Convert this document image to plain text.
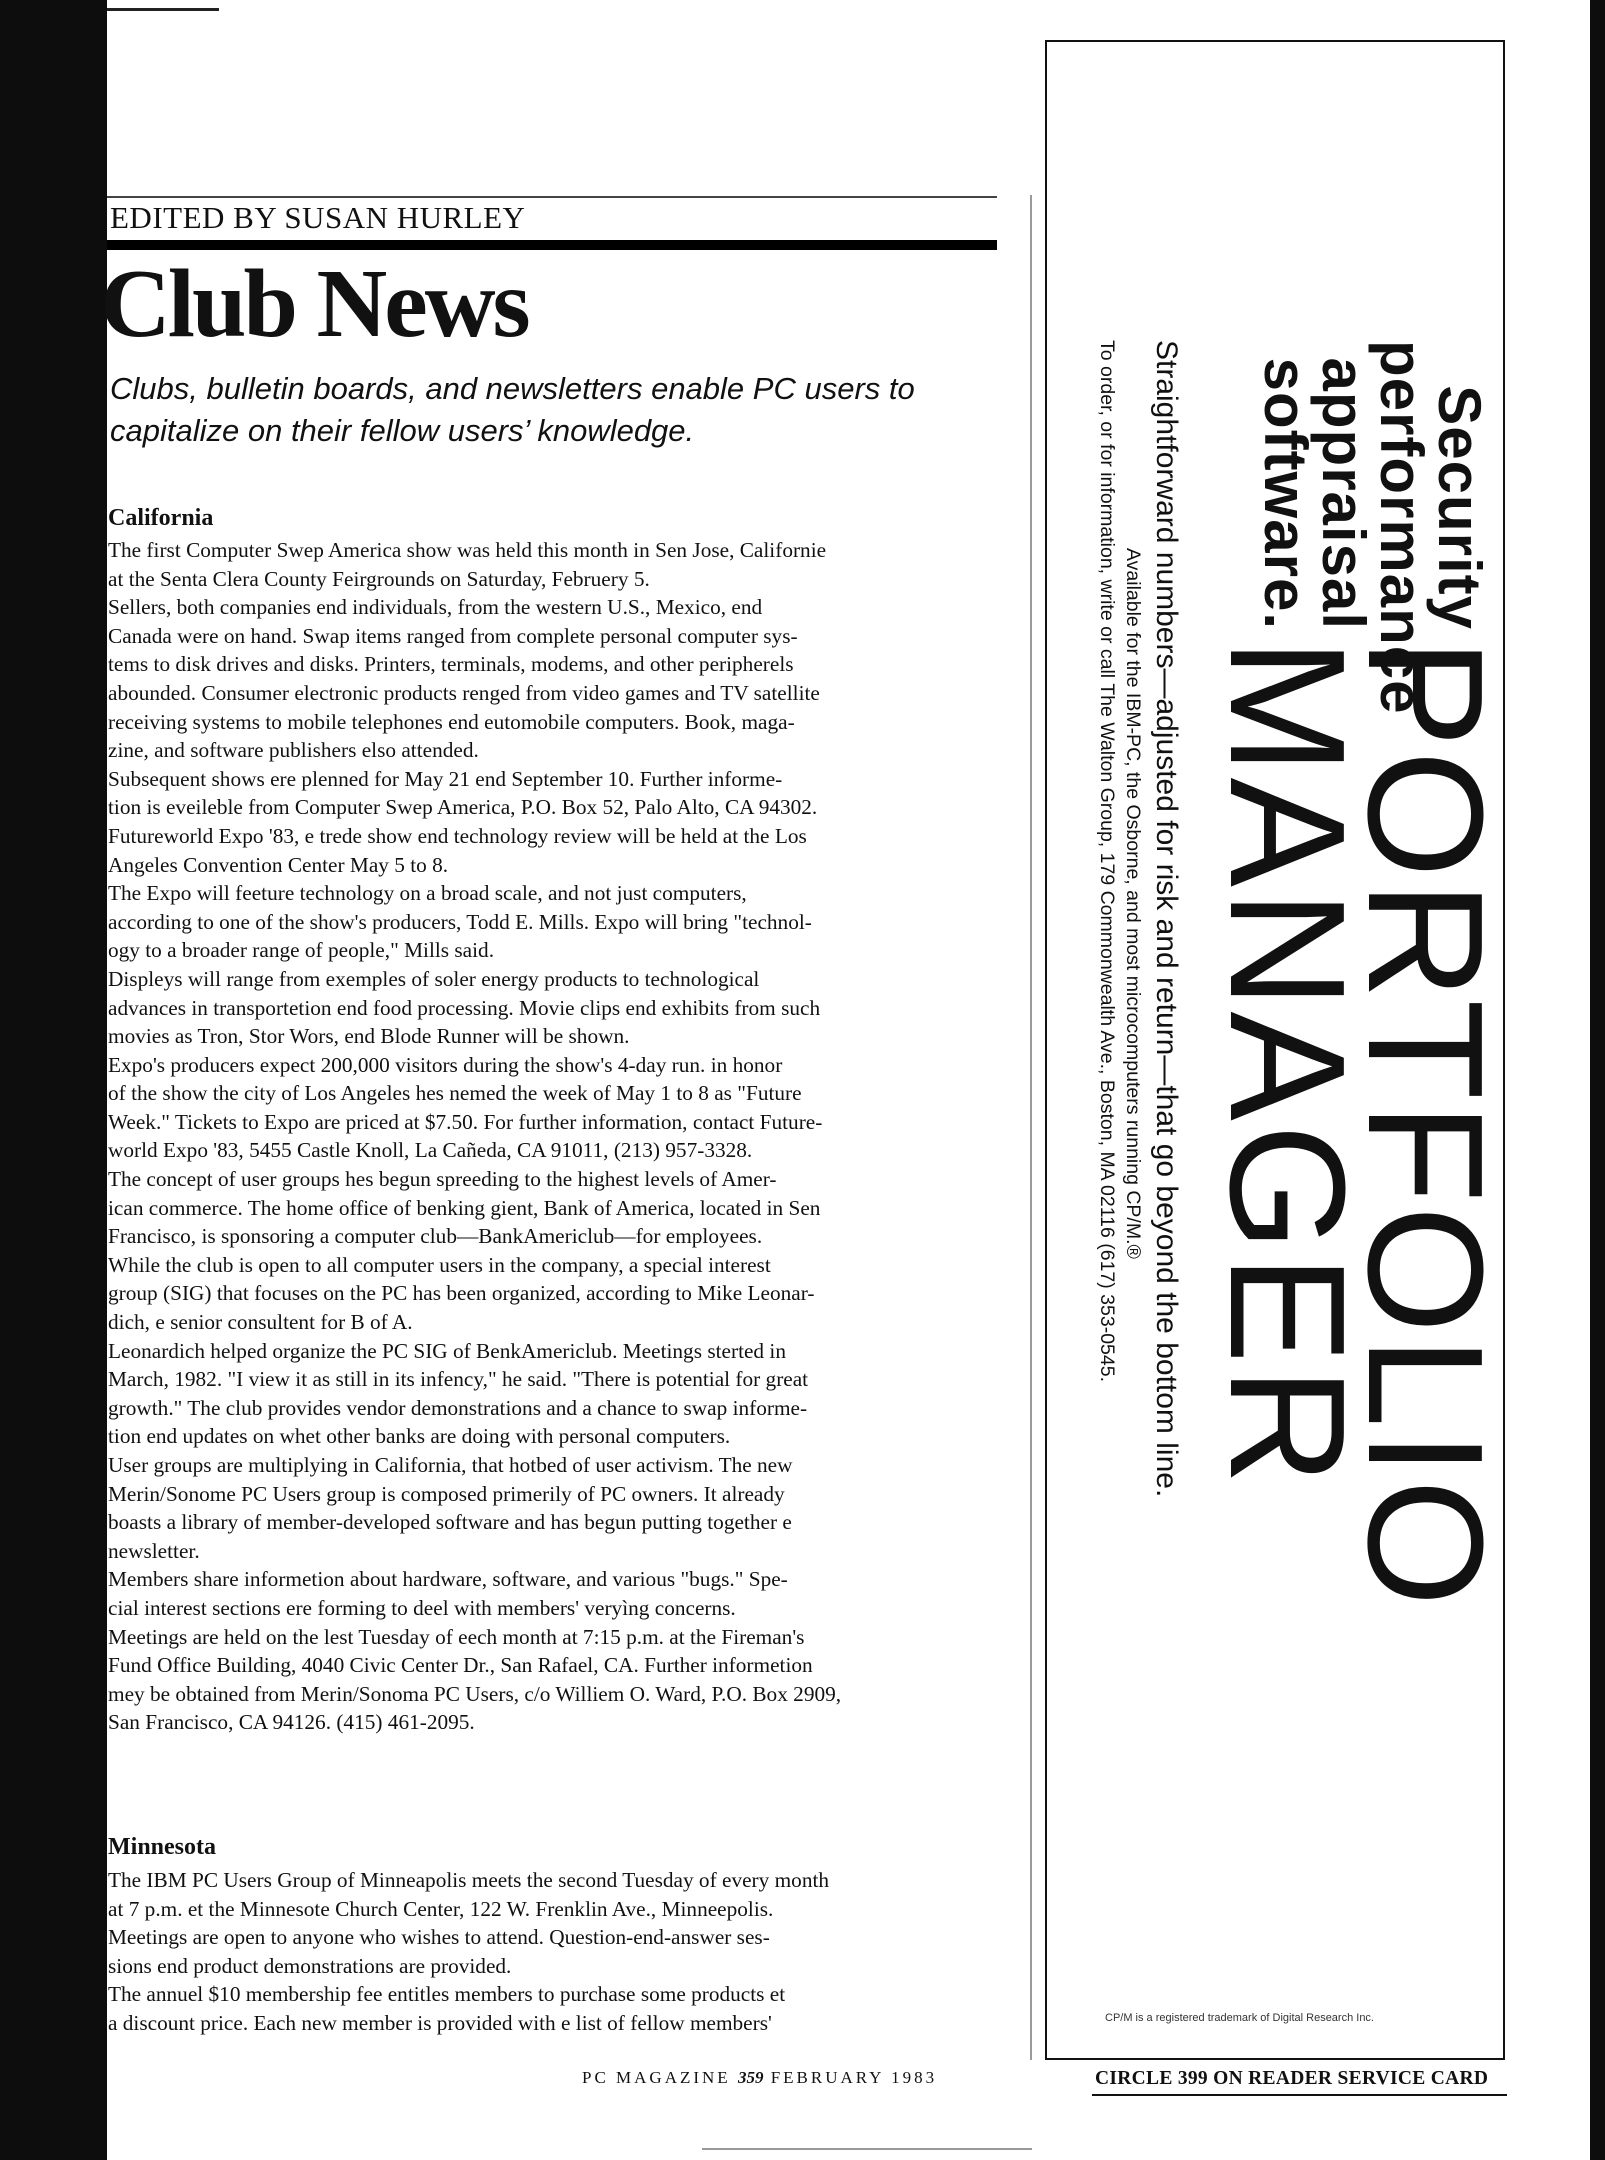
EDITED BY SUSAN HURLEY
Club News
Clubs, bulletin boards, and newsletters enable PC users to
capitalize on their fellow users’ knowledge.
California
The first Computer Swep America show was held this month in Sen Jose, Californie
at the Senta Clera County Feirgrounds on Saturday, Februery 5.
Sellers, both companies end individuals, from the western U.S., Mexico, end
Canada were on hand. Swap items ranged from complete personal computer sys-
tems to disk drives and disks. Printers, terminals, modems, and other peripherels
abounded. Consumer electronic products renged from video games and TV satellite
receiving systems to mobile telephones end eutomobile computers. Book, maga-
zine, and software publishers elso attended.
Subsequent shows ere plenned for May 21 end September 10. Further informe-
tion is eveileble from Computer Swep America, P.O. Box 52, Palo Alto, CA 94302.
Futureworld Expo '83, e trede show end technology review will be held at the Los
Angeles Convention Center May 5 to 8.
The Expo will feeture technology on a broad scale, and not just computers,
according to one of the show's producers, Todd E. Mills. Expo will bring "technol-
ogy to a broader range of people," Mills said.
Displeys will range from exemples of soler energy products to technological
advances in transportetion end food processing. Movie clips end exhibits from such
movies as Tron, Stor Wors, end Blode Runner will be shown.
Expo's producers expect 200,000 visitors during the show's 4-day run. in honor
of the show the city of Los Angeles hes nemed the week of May 1 to 8 as "Future
Week." Tickets to Expo are priced at $7.50. For further information, contact Future-
world Expo '83, 5455 Castle Knoll, La Cañeda, CA 91011, (213) 957-3328.
The concept of user groups hes begun spreeding to the highest levels of Amer-
ican commerce. The home office of benking gient, Bank of America, located in Sen
Francisco, is sponsoring a computer club—BankAmericlub—for employees.
While the club is open to all computer users in the company, a special interest
group (SIG) that focuses on the PC has been organized, according to Mike Leonar-
dich, e senior consultent for B of A.
Leonardich helped organize the PC SIG of BenkAmericlub. Meetings sterted in
March, 1982. "I view it as still in its infency," he said. "There is potential for great
growth." The club provides vendor demonstrations and a chance to swap informe-
tion end updates on whet other banks are doing with personal computers.
User groups are multiplying in California, that hotbed of user activism. The new
Merin/Sonome PC Users group is composed primerily of PC owners. It already
boasts a library of member-developed software and has begun putting together e
newsletter.
Members share informetion about hardware, software, and various "bugs." Spe-
cial interest sections ere forming to deel with members' veryìng concerns.
Meetings are held on the lest Tuesday of eech month at 7:15 p.m. at the Fireman's
Fund Office Building, 4040 Civic Center Dr., San Rafael, CA. Further informetion
mey be obtained from Merin/Sonoma PC Users, c/o Williem O. Ward, P.O. Box 2909,
San Francisco, CA 94126. (415) 461-2095.
Minnesota
The IBM PC Users Group of Minneapolis meets the second Tuesday of every month
at 7 p.m. et the Minnesote Church Center, 122 W. Frenklin Ave., Minneepolis.
Meetings are open to anyone who wishes to attend. Question-end-answer ses-
sions end product demonstrations are provided.
The annuel $10 membership fee entitles members to purchase some products et
a discount price. Each new member is provided with e list of fellow members'
Security
performance
appraisal
software.
PORTFOLIO
MANAGER
Straightforward numbers—adjusted for risk and return—that go beyond the bottom line.
Available for the IBM-PC, the Osborne, and most microcomputers running CP/M.®
To order, or for information, write or call The Walton Group, 179 Commonwealth Ave., Boston, MA 02116 (617) 353-0545.
CP/M is a registered trademark of Digital Research Inc.
CIRCLE 399 ON READER SERVICE CARD
PC MAGAZINE 359 FEBRUARY 1983
